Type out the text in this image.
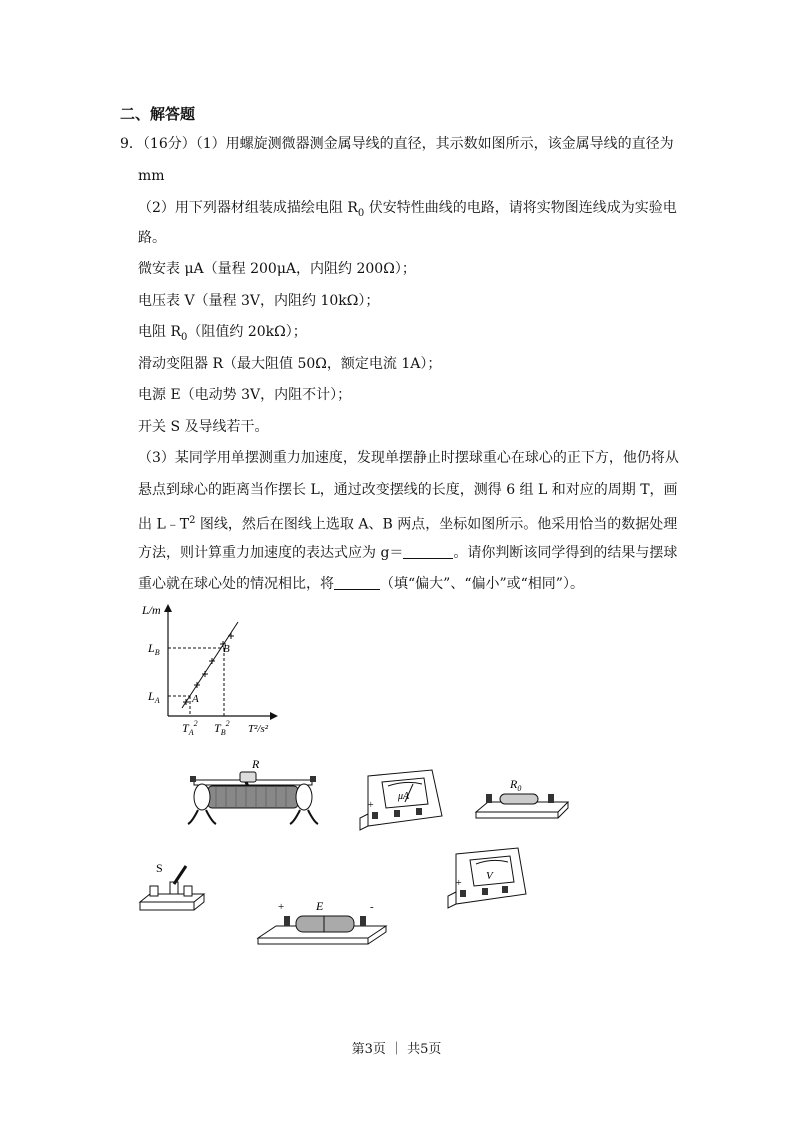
二、解答题
9．（16分）（1）用螺旋测微器测金属导线的直径，其示数如图所示，该金属导线的直径为
mm
（2）用下列器材组装成描绘电阻 $R_0$ 伏安特性曲线的电路，请将实物图连线成为实验电
路。
微安表 μA（量程 200μA，内阻约 200Ω）；
电压表 V（量程 3V，内阻约 10kΩ）；
电阻 $R_0$（阻值约 20kΩ）；
滑动变阻器 R（最大阻值 50Ω，额定电流 1A）；
电源 E（电动势 3V，内阻不计）；
开关 S 及导线若干。
（3）某同学用单摆测重力加速度，发现单摆静止时摆球重心在球心的正下方，他仍将从
悬点到球心的距离当作摆长 L，通过改变摆线的长度，测得 6 组 L 和对应的周期 T，画
出 $L﹣T^2$ 图线，然后在图线上选取 A、B 两点，坐标如图所示。他采用恰当的数据处理
方法，则计算重力加速度的表达式应为 g＝	。请你判断该同学得到的结果与摆球
重心就在球心处的情况相比，将	（填“偏大”、“偏小”或“相同”）。
L/m
T²/s²
A
B
$L_B$
$L_A$
$T_A^2$ $T_B^2$
R
μA
+
$R_0$
S
+	E	-
V
+
第3页 ｜ 共5页
